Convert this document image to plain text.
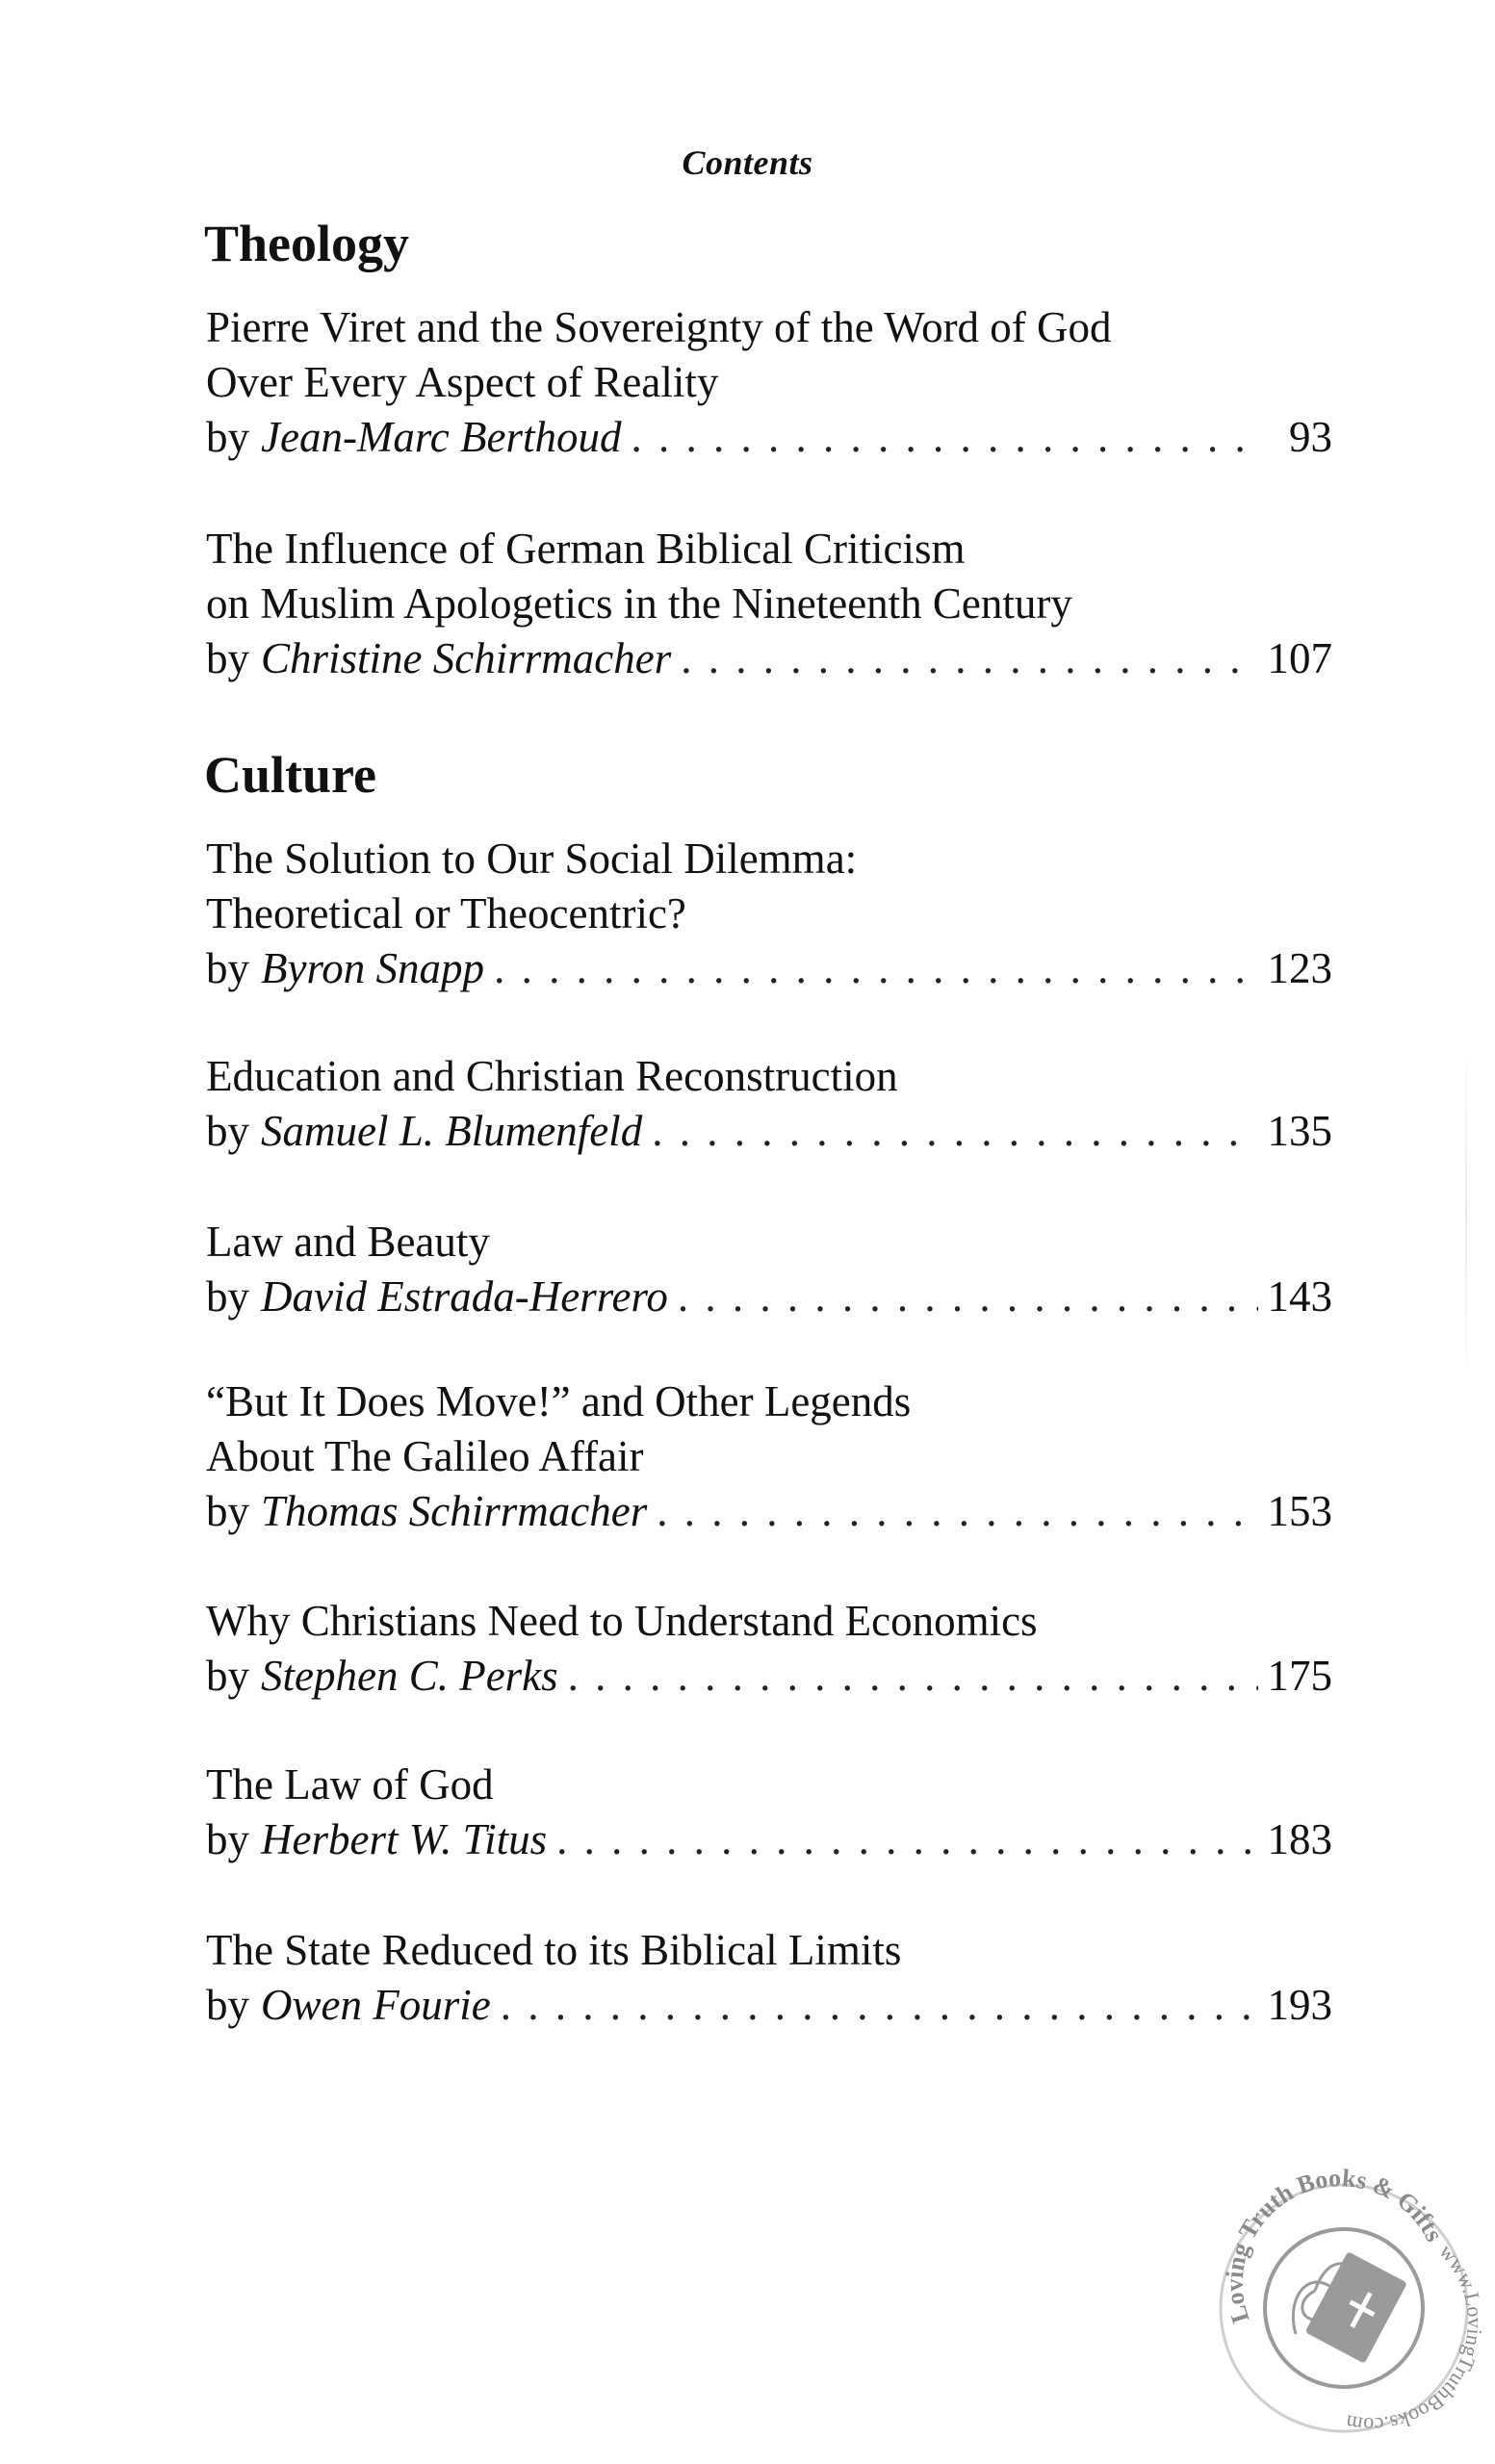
Contents
Theology
Pierre Viret and the Sovereignty of the Word of God
Over Every Aspect of Reality
by Jean-Marc Berthoud . . .	93
The Influence of German Biblical Criticism
on Muslim Apologetics in the Nineteenth Century
by Christine Schirrmacher . . .	107
Culture
The Solution to Our Social Dilemma:
Theoretical or Theocentric?
by Byron Snapp . . .	123
Education and Christian Reconstruction
by Samuel L. Blumenfeld . . .	135
Law and Beauty
by David Estrada-Herrero . . .	143
“But It Does Move!” and Other Legends
About The Galileo Affair
by Thomas Schirrmacher . . .	153
Why Christians Need to Understand Economics
by Stephen C. Perks . . .	175
The Law of God
by Herbert W. Titus . . .	183
The State Reduced to its Biblical Limits
by Owen Fourie . . .	193
Loving Truth Books & Gifts
www.LovingTruthBooks.com
